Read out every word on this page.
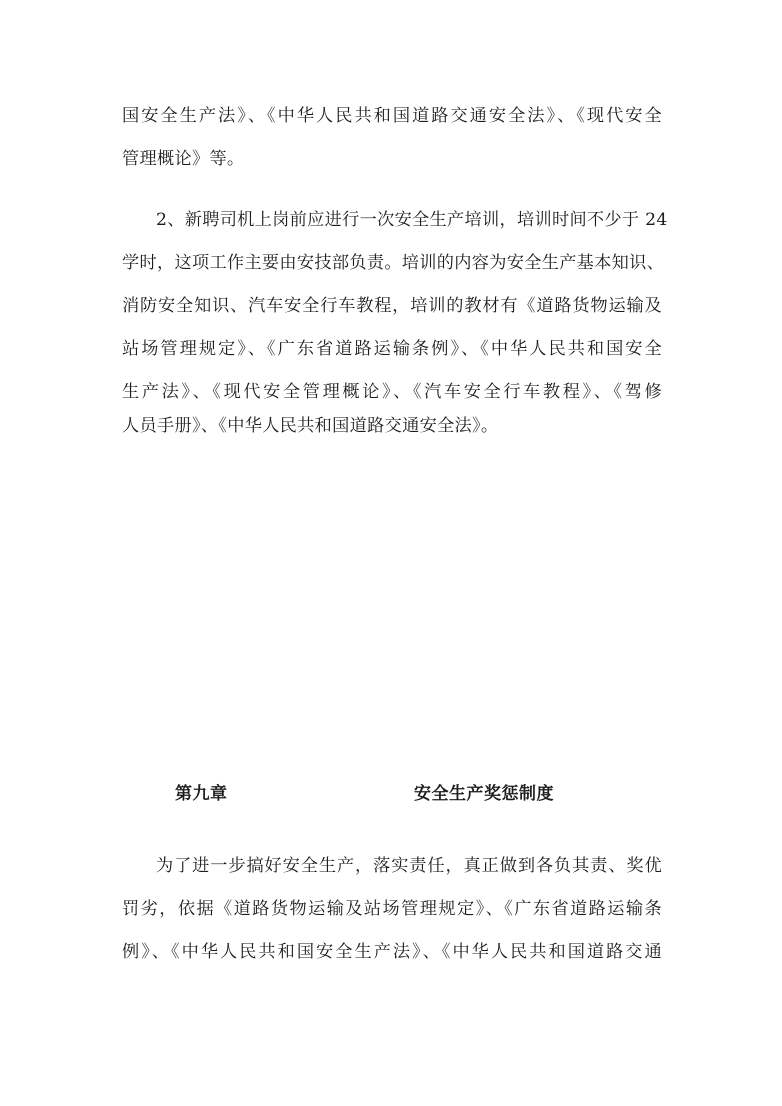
国安全生产法》、《中华人民共和国道路交通安全法》、《现代安全
管理概论》等。
2、新聘司机上岗前应进行一次安全生产培训，培训时间不少于 24
学时，这项工作主要由安技部负责。培训的内容为安全生产基本知识、
消防安全知识、汽车安全行车教程，培训的教材有《道路货物运输及
站场管理规定》、《广东省道路运输条例》、《中华人民共和国安全
生产法》、《现代安全管理概论》、《汽车安全行车教程》、《驾修
人员手册》、《中华人民共和国道路交通安全法》。
第九章	安全生产奖惩制度
为了进一步搞好安全生产，落实责任，真正做到各负其责、奖优
罚劣，依据《道路货物运输及站场管理规定》、《广东省道路运输条
例》、《中华人民共和国安全生产法》、《中华人民共和国道路交通
